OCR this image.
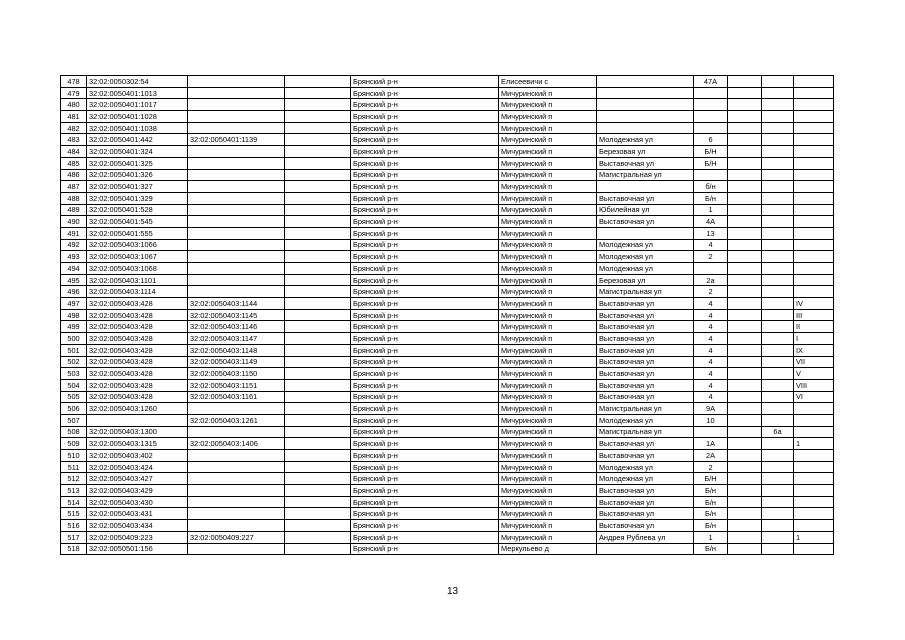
478	32:02:0050302:54			Брянский р-н	Елисеевичи с		47А			
479	32:02:0050401:1013			Брянский р-н	Мичуринский п					
480	32:02:0050401:1017			Брянский р-н	Мичуринский п					
481	32:02:0050401:1028			Брянский р-н	Мичуринский п					
482	32:02:0050401:1038			Брянский р-н	Мичуринский п					
483	32:02:0050401:442	32:02:0050401:1139		Брянский р-н	Мичуринский п	Молодежная ул	6			
484	32:02:0050401:324			Брянский р-н	Мичуринский п	Березовая ул	Б/Н			
485	32:02:0050401:325			Брянский р-н	Мичуринский п	Выставочная ул	Б/Н			
486	32:02:0050401:326			Брянский р-н	Мичуринский п	Магистральная ул				
487	32:02:0050401:327			Брянский р-н	Мичуринский п		б/н			
488	32:02:0050401:329			Брянский р-н	Мичуринский п	Выставочная ул	Б/н			
489	32:02:0050401:528			Брянский р-н	Мичуринский п	Юбилейная ул	1			
490	32:02:0050401:545			Брянский р-н	Мичуринский п	Выставочная ул	4А			
491	32:02:0050401:555			Брянский р-н	Мичуринский п		13			
492	32:02:0050403:1066			Брянский р-н	Мичуринский п	Молодежная ул	4			
493	32:02:0050403:1067			Брянский р-н	Мичуринский п	Молодежная ул	2			
494	32:02:0050403:1068			Брянский р-н	Мичуринский п	Молодежная ул				
495	32:02:0050403:1101			Брянский р-н	Мичуринский п	Березовая ул	2а			
496	32:02:0050403:1114			Брянский р-н	Мичуринский п	Магистральная ул	2			
497	32:02:0050403:428	32:02:0050403:1144		Брянский р-н	Мичуринский п	Выставочная ул	4			IV
498	32:02:0050403:428	32:02:0050403:1145		Брянский р-н	Мичуринский п	Выставочная ул	4			III
499	32:02:0050403:428	32:02:0050403:1146		Брянский р-н	Мичуринский п	Выставочная ул	4			II
500	32:02:0050403:428	32:02:0050403:1147		Брянский р-н	Мичуринский п	Выставочная ул	4			I
501	32:02:0050403:428	32:02:0050403:1148		Брянский р-н	Мичуринский п	Выставочная ул	4			IX
502	32:02:0050403:428	32:02:0050403:1149		Брянский р-н	Мичуринский п	Выставочная ул	4			VII
503	32:02:0050403:428	32:02:0050403:1150		Брянский р-н	Мичуринский п	Выставочная ул	4			V
504	32:02:0050403:428	32:02:0050403:1151		Брянский р-н	Мичуринский п	Выставочная ул	4			VIII
505	32:02:0050403:428	32:02:0050403:1161		Брянский р-н	Мичуринский п	Выставочная ул	4			VI
506	32:02:0050403:1260			Брянский р-н	Мичуринский п	Магистральная ул	9А			
507		32:02:0050403:1261		Брянский р-н	Мичуринский п	Молодежная ул	10			
508	32:02:0050403:1300			Брянский р-н	Мичуринский п	Магистральная ул			6а	
509	32:02:0050403:1315	32:02:0050403:1406		Брянский р-н	Мичуринский п	Выставочная ул	1А			1
510	32:02:0050403:402			Брянский р-н	Мичуринский п	Выставочная ул	2А			
511	32:02:0050403:424			Брянский р-н	Мичуринский п	Молодежная ул	2			
512	32:02:0050403:427			Брянский р-н	Мичуринский п	Молодежная ул	Б/Н			
513	32:02:0050403:429			Брянский р-н	Мичуринский п	Выставочная ул	Б/н			
514	32:02:0050403:430			Брянский р-н	Мичуринский п	Выставочная ул	Б/н			
515	32:02:0050403:431			Брянский р-н	Мичуринский п	Выставочная ул	Б/н			
516	32:02:0050403:434			Брянский р-н	Мичуринский п	Выставочная ул	Б/н			
517	32:02:0050409:223	32:02:0050409:227		Брянский р-н	Мичуринский п	Андрея Рублева ул	1			1
518	32:02:0050501:156			Брянский р-н	Меркульево д		Б/н			
13
